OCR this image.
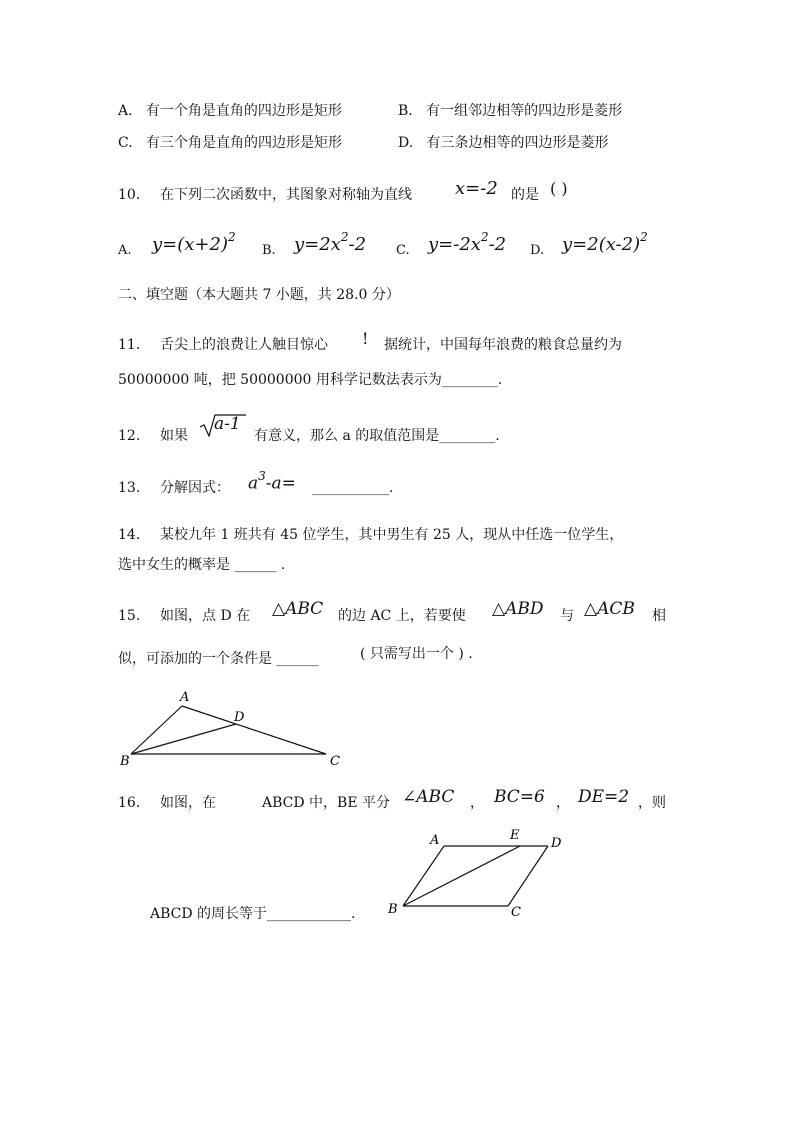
A. 有一个角是直角的四边形是矩形	B. 有一组邻边相等的四边形是菱形
C. 有三个角是直角的四边形是矩形	D. 有三条边相等的四边形是菱形
10. 在下列二次函数中，其图象对称轴为直线 x=-2 的是 ( )
A. $y=(x+2)^2$
B. $y=2x^2-2$ C. $y=-2x^2-2$ D. $y=2(x-2)^2$
二、填空题（本大题共 7 小题，共 28.0 分）
11. 舌尖上的浪费让人触目惊心 ! 据统计，中国每年浪费的粮食总量约为
50000000 吨，把 50000000 用科学记数法表示为________.
12. 如果
a-1
有意义，那么 a 的取值范围是________.
13. 分解因式： $a^3-a=$ ___________.
14. 某校九年 1 班共有 45 位学生，其中男生有 25 人，现从中任选一位学生，
选中女生的概率是 ______ .
15. 如图，点 D 在 △ABC 的边 AC 上，若要使 △ABD 与 △ACB 相
似，可添加的一个条件是 ______	( 只需写出一个 ) .
A
B	C
D
16. 如图，在	ABCD 中，BE 平分 ∠ABC ， BC=6 ， DE=2 ，则
ABCD 的周长等于____________.
A	E
D
B	C
